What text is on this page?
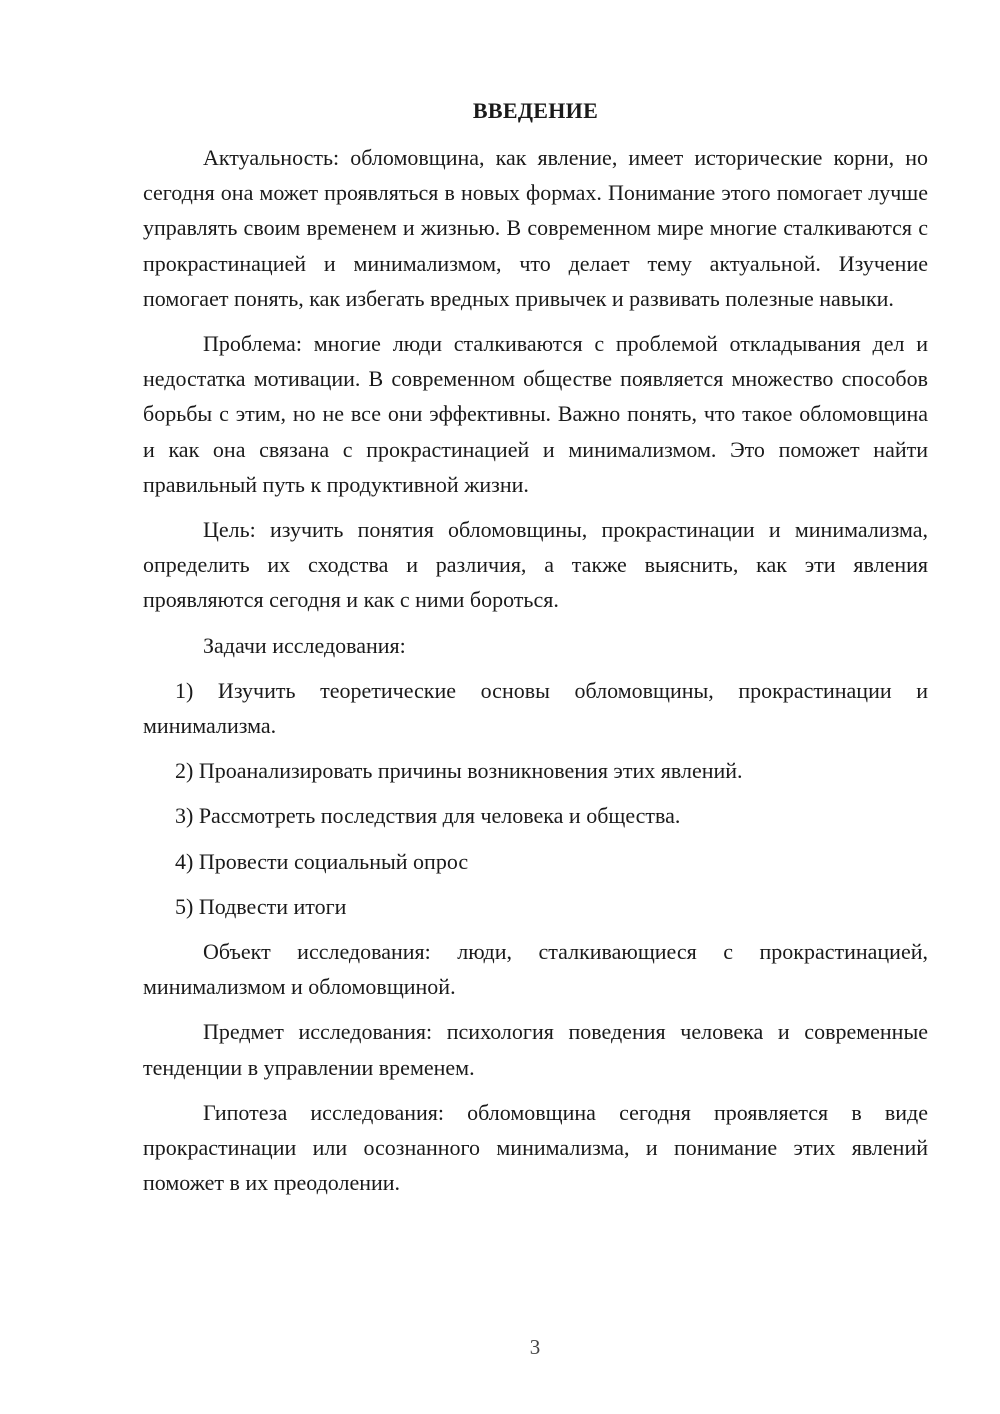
ВВЕДЕНИЕ

Актуальность: обломовщина, как явление, имеет исторические корни, но сегодня она может проявляться в новых формах. Понимание этого помогает лучше управлять своим временем и жизнью. В современном мире многие сталкиваются с прокрастинацией и минимализмом, что делает тему актуальной. Изучение помогает понять, как избегать вредных привычек и развивать полезные навыки.

Проблема: многие люди сталкиваются с проблемой откладывания дел и недостатка мотивации. В современном обществе появляется множество способов борьбы с этим, но не все они эффективны. Важно понять, что такое обломовщина и как она связана с прокрастинацией и минимализмом. Это поможет найти правильный путь к продуктивной жизни.

Цель: изучить понятия обломовщины, прокрастинации и минимализма, определить их сходства и различия, а также выяснить, как эти явления проявляются сегодня и как с ними бороться.

Задачи исследования:

1) Изучить теоретические основы обломовщины, прокрастинации и минимализма.

2) Проанализировать причины возникновения этих явлений.

3) Рассмотреть последствия для человека и общества.

4) Провести социальный опрос

5) Подвести итоги

Объект исследования: люди, сталкивающиеся с прокрастинацией, минимализмом и обломовщиной.

Предмет исследования: психология поведения человека и современные тенденции в управлении временем.

Гипотеза исследования: обломовщина сегодня проявляется в виде прокрастинации или осознанного минимализма, и понимание этих явлений поможет в их преодолении.

3
